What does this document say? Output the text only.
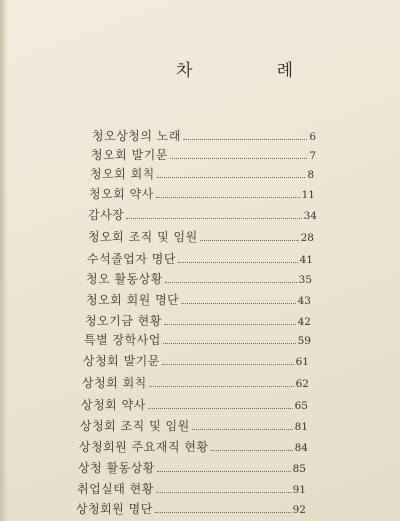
차	례
청오상청의 노래	6
청오회 발기문	7
청오회 회칙	8
청오회 약사	11
감사장	34
청오회 조직 및 임원	28
수석졸업자 명단	41
청오 활동상황	35
청오회 회원 명단	43
청오기금 현황	42
특별 장학사업	59
상청회 발기문	61
상청회 회칙	62
상청회 약사	65
상청회 조직 및 임원	81
상청회원 주요재직 현황	84
상청 활동상황	85
취업실태 현황	91
상청회원 명단	92
